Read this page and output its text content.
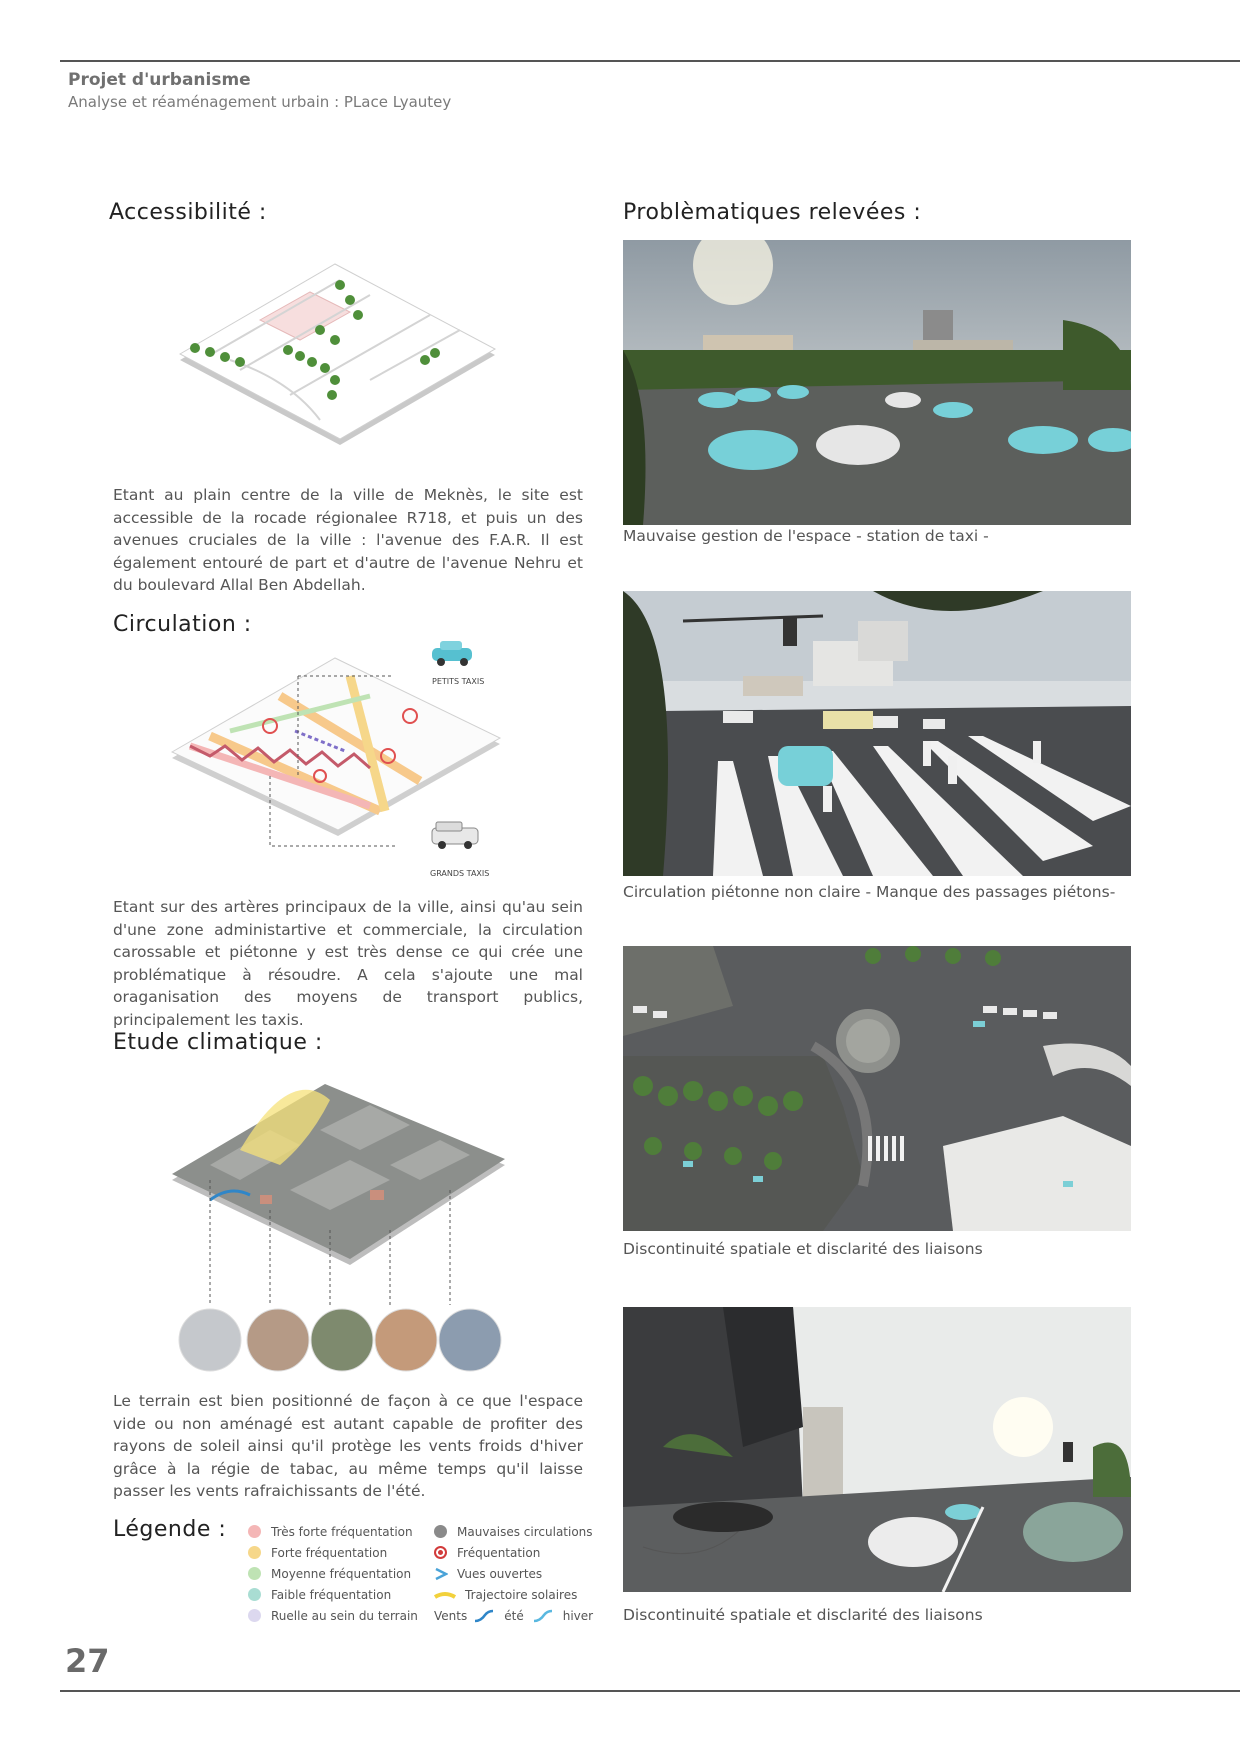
Projet d'urbanisme
Analyse et réaménagement urbain : PLace Lyautey
Accessibilité :

Etant au plain centre de la ville de Meknès, le site est accessible de la rocade régionalee R718, et puis un des avenues cruciales de la ville : l'avenue des F.A.R. Il est également entouré de part et d'autre de l'avenue Nehru et du boulevard Allal Ben Abdellah.

Circulation :
PETITS TAXIS
GRANDS TAXIS

Etant sur des artères principaux de la ville, ainsi qu'au sein d'une zone administartive et commerciale, la circulation carossable et piétonne y est très dense ce qui crée une problématique à résoudre. A cela s'ajoute une mal oraganisation des moyens de transport publics, principalement les taxis.

Etude climatique :

Le terrain est bien positionné de façon à ce que l'espace vide ou non aménagé est autant capable de profiter des rayons de soleil ainsi qu'il protège les vents froids d'hiver grâce à la régie de tabac, au même temps qu'il laisse passer les vents rafraichissants de l'été.

Légende :	Très forte fréquentation
Forte fréquentation
Moyenne fréquentation
Faible fréquentation
Ruelle au sein du terrain
Mauvaises circulations
Fréquentation
Vues ouvertes
Trajectoire solaires
Vents	été	hiver
Problèmatiques relevées :
Mauvaise gestion de l'espace - station de taxi -
Circulation piétonne non claire - Manque des passages piétons-
Discontinuité spatiale et disclarité des liaisons
Discontinuité spatiale et disclarité des liaisons
27
